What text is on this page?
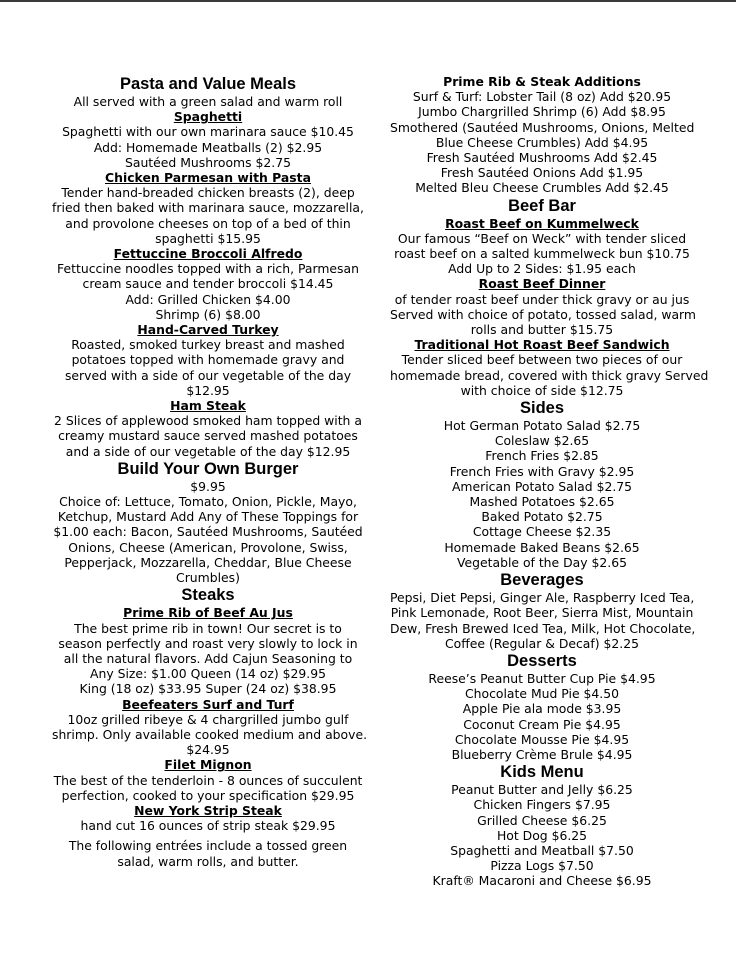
Pasta and Value Meals
All served with a green salad and warm roll
Spaghetti
Spaghetti with our own marinara sauce $10.45
Add: Homemade Meatballs (2) $2.95
Sautéed Mushrooms $2.75
Chicken Parmesan with Pasta
Tender hand-breaded chicken breasts (2), deep
fried then baked with marinara sauce, mozzarella,
and provolone cheeses on top of a bed of thin
spaghetti $15.95
Fettuccine Broccoli Alfredo
Fettuccine noodles topped with a rich, Parmesan
cream sauce and tender broccoli $14.45
Add: Grilled Chicken $4.00
Shrimp (6) $8.00
Hand-Carved Turkey
Roasted, smoked turkey breast and mashed
potatoes topped with homemade gravy and
served with a side of our vegetable of the day
$12.95
Ham Steak
2 Slices of applewood smoked ham topped with a
creamy mustard sauce served mashed potatoes
and a side of our vegetable of the day $12.95
Build Your Own Burger
$9.95
Choice of: Lettuce, Tomato, Onion, Pickle, Mayo,
Ketchup, Mustard Add Any of These Toppings for
$1.00 each: Bacon, Sautéed Mushrooms, Sautéed
Onions, Cheese (American, Provolone, Swiss,
Pepperjack, Mozzarella, Cheddar, Blue Cheese
Crumbles)
Steaks
Prime Rib of Beef Au Jus
The best prime rib in town! Our secret is to
season perfectly and roast very slowly to lock in
all the natural flavors. Add Cajun Seasoning to
Any Size: $1.00 Queen (14 oz) $29.95
King (18 oz) $33.95 Super (24 oz) $38.95
Beefeaters Surf and Turf
10oz grilled ribeye & 4 chargrilled jumbo gulf
shrimp. Only available cooked medium and above.
$24.95
Filet Mignon
The best of the tenderloin - 8 ounces of succulent
perfection, cooked to your specification $29.95
New York Strip Steak
hand cut 16 ounces of strip steak $29.95
The following entrées include a tossed green
salad, warm rolls, and butter.
Prime Rib & Steak Additions
Surf & Turf: Lobster Tail (8 oz) Add $20.95
Jumbo Chargrilled Shrimp (6) Add $8.95
Smothered (Sautéed Mushrooms, Onions, Melted
Blue Cheese Crumbles) Add $4.95
Fresh Sautéed Mushrooms Add $2.45
Fresh Sautéed Onions Add $1.95
Melted Bleu Cheese Crumbles Add $2.45
Beef Bar
Roast Beef on Kummelweck
Our famous “Beef on Weck” with tender sliced
roast beef on a salted kummelweck bun $10.75
Add Up to 2 Sides: $1.95 each
Roast Beef Dinner
of tender roast beef under thick gravy or au jus
Served with choice of potato, tossed salad, warm
rolls and butter $15.75
Traditional Hot Roast Beef Sandwich
Tender sliced beef between two pieces of our
homemade bread, covered with thick gravy Served
with choice of side $12.75
Sides
Hot German Potato Salad $2.75
Coleslaw $2.65
French Fries $2.85
French Fries with Gravy $2.95
American Potato Salad $2.75
Mashed Potatoes $2.65
Baked Potato $2.75
Cottage Cheese $2.35
Homemade Baked Beans $2.65
Vegetable of the Day $2.65
Beverages
Pepsi, Diet Pepsi, Ginger Ale, Raspberry Iced Tea,
Pink Lemonade, Root Beer, Sierra Mist, Mountain
Dew, Fresh Brewed Iced Tea, Milk, Hot Chocolate,
Coffee (Regular & Decaf) $2.25
Desserts
Reese’s Peanut Butter Cup Pie $4.95
Chocolate Mud Pie $4.50
Apple Pie ala mode $3.95
Coconut Cream Pie $4.95
Chocolate Mousse Pie $4.95
Blueberry Crème Brule $4.95
Kids Menu
Peanut Butter and Jelly $6.25
Chicken Fingers $7.95
Grilled Cheese $6.25
Hot Dog $6.25
Spaghetti and Meatball $7.50
Pizza Logs $7.50
Kraft® Macaroni and Cheese $6.95
